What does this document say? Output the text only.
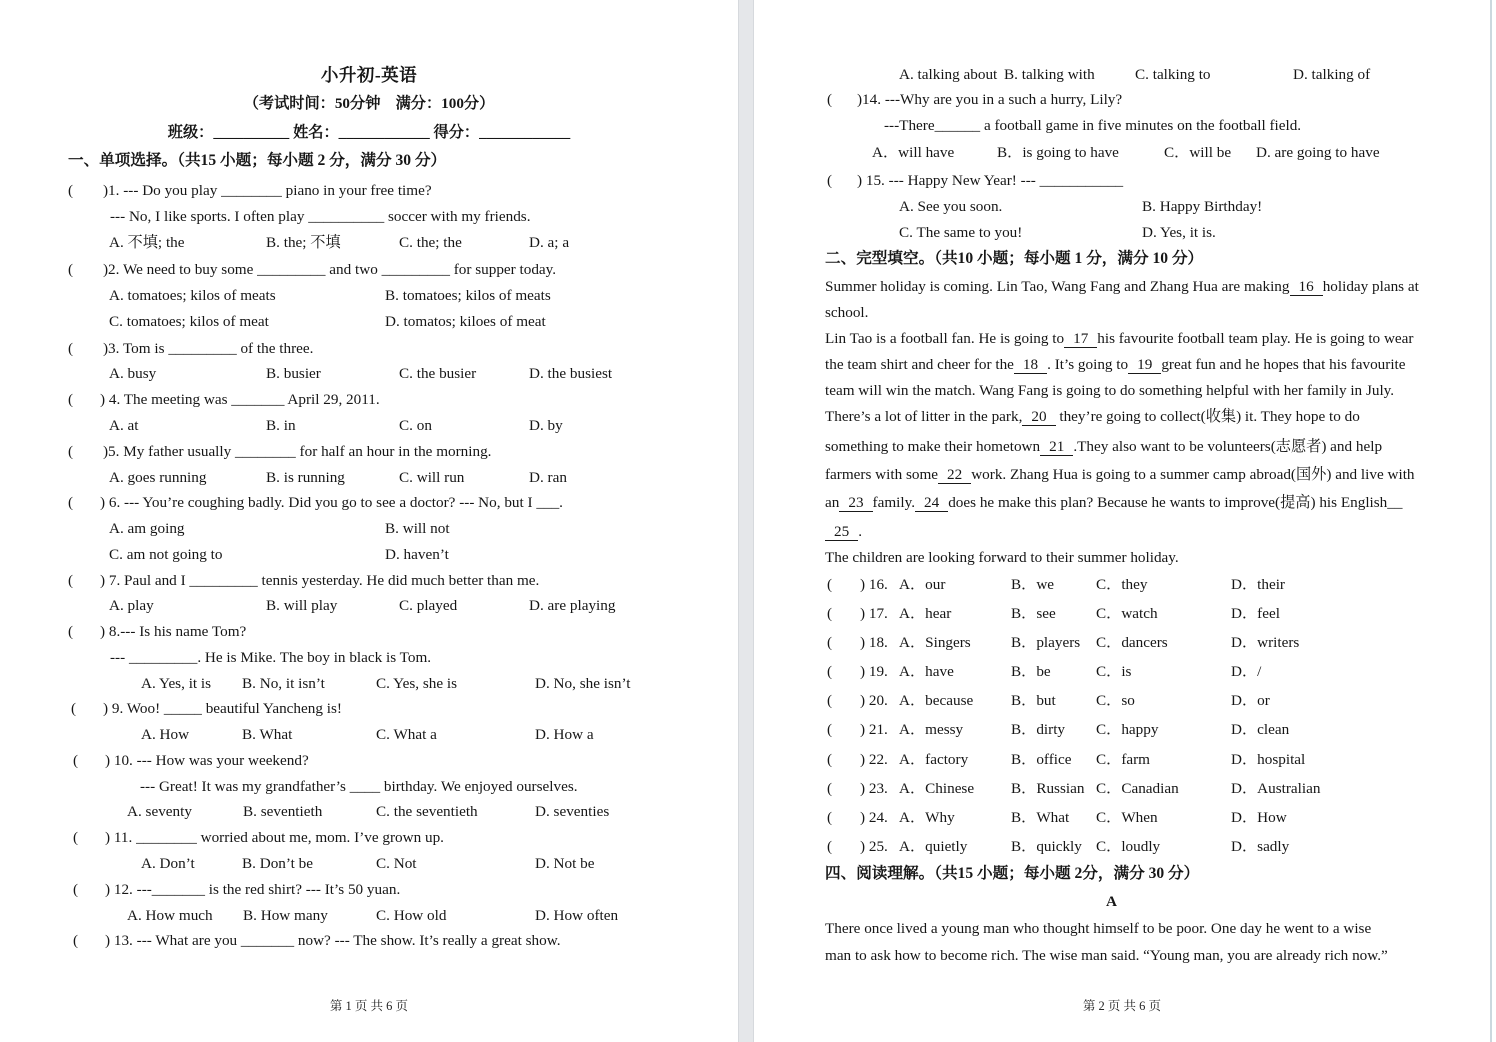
第 1 页 共 6 页
小升初-英语
（考试时间：50分钟　满分：100分）
班级：__________ 姓名：____________ 得分：____________
一、单项选择。（共15 小题；每小题 2 分，满分 30 分）
( )1. --- Do you play ________ piano in your free time?
--- No, I like sports. I often play __________ soccer with my friends.
A. 不填; the	B. the; 不填	C. the; the	D. a; a
( )2. We need to buy some _________ and two _________ for supper today.
A. tomatoes; kilos of meats	B. tomatoes; kilos of meats
C. tomatoes; kilos of meat	D. tomatos; kiloes of meat
( )3. Tom is _________ of the three.
A. busy	B. busier	C. the busier	D. the busiest
( ) 4. The meeting was _______ April 29, 2011.
A. at	B. in	C. on	D. by
( )5. My father usually ________ for half an hour in the morning.
A. goes running	B. is running	C. will run	D. ran
( ) 6. --- You’re coughing badly. Did you go to see a doctor? --- No, but I ___.
A. am going	B. will not
C. am not going to	D. haven’t
( ) 7. Paul and I _________ tennis yesterday. He did much better than me.
A. play	B. will play	C. played	D. are playing
( ) 8.--- Is his name Tom?
--- _________. He is Mike. The boy in black is Tom.
A. Yes, it is B. No, it isn’t	C. Yes, she is	D. No, she isn’t
( ) 9. Woo! _____ beautiful Yancheng is!
A. How	B. What	C. What a	D. How a
( ) 10. --- How was your weekend?
--- Great! It was my grandfather’s ____ birthday. We enjoyed ourselves.
A. seventy	B. seventieth	C. the seventieth	D. seventies
( ) 11. ________ worried about me, mom. I’ve grown up.
A. Don’t	B. Don’t be	C. Not	D. Not be
( ) 12. ---_______ is the red shirt? --- It’s 50 yuan.
A. How much B. How many	C. How old	D. How often
( ) 13. --- What are you _______ now? --- The show. It’s really a great show.
第 2 页 共 6 页
A. talking about B. talking with	C. talking to	D. talking of
( )14. ---Why are you in a such a hurry, Lily?
---There______ a football game in five minutes on the football field.
A．will have	B．is going to have	C．will be D. are going to have
( ) 15. --- Happy New Year! --- ___________
A. See you soon.	B. Happy Birthday!
C. The same to you!	D. Yes, it is.
二、完型填空。（共10 小题；每小题 1 分，满分 10 分）
Summer holiday is coming. Lin Tao, Wang Fang and Zhang Hua are making 16 holiday plans at
school.
Lin Tao is a football fan. He is going to 17 his favourite football team play. He is going to wear
the team shirt and cheer for the 18 . It’s going to 19 great fun and he hopes that his favourite
team will win the match. Wang Fang is going to do something helpful with her family in July.
There’s a lot of litter in the park, 20 they’re going to collect(收集) it. They hope to do
something to make their hometown 21 .They also want to be volunteers(志愿者) and help
farmers with some 22 work. Zhang Hua is going to a summer camp abroad(国外) and live with
an 23 family. 24 does he make this plan? Because he wants to improve(提高) his English__
25 .
The children are looking forward to their summer holiday.
( ) 16. A．our	B．we	C．they	D．their
( ) 17. A．hear	B．see	C．watch	D．feel
( ) 18. A．Singers	B．players C．dancers	D．writers
( ) 19. A．have	B．be	C．is	D．/
( ) 20. A．because B．but	C．so	D．or
( ) 21. A．messy	B．dirty C．happy	D．clean
( ) 22. A．factory	B．office C．farm	D．hospital
( ) 23. A．Chinese B．Russian C．Canadian	D．Australian
( ) 24. A．Why	B．What C．When	D．How
( ) 25. A．quietly	B．quickly C．loudly	D．sadly
四、阅读理解。（共15 小题；每小题 2分，满分 30 分）
A
There once lived a young man who thought himself to be poor. One day he went to a wise
man to ask how to become rich. The wise man said. “Young man, you are already rich now.”
